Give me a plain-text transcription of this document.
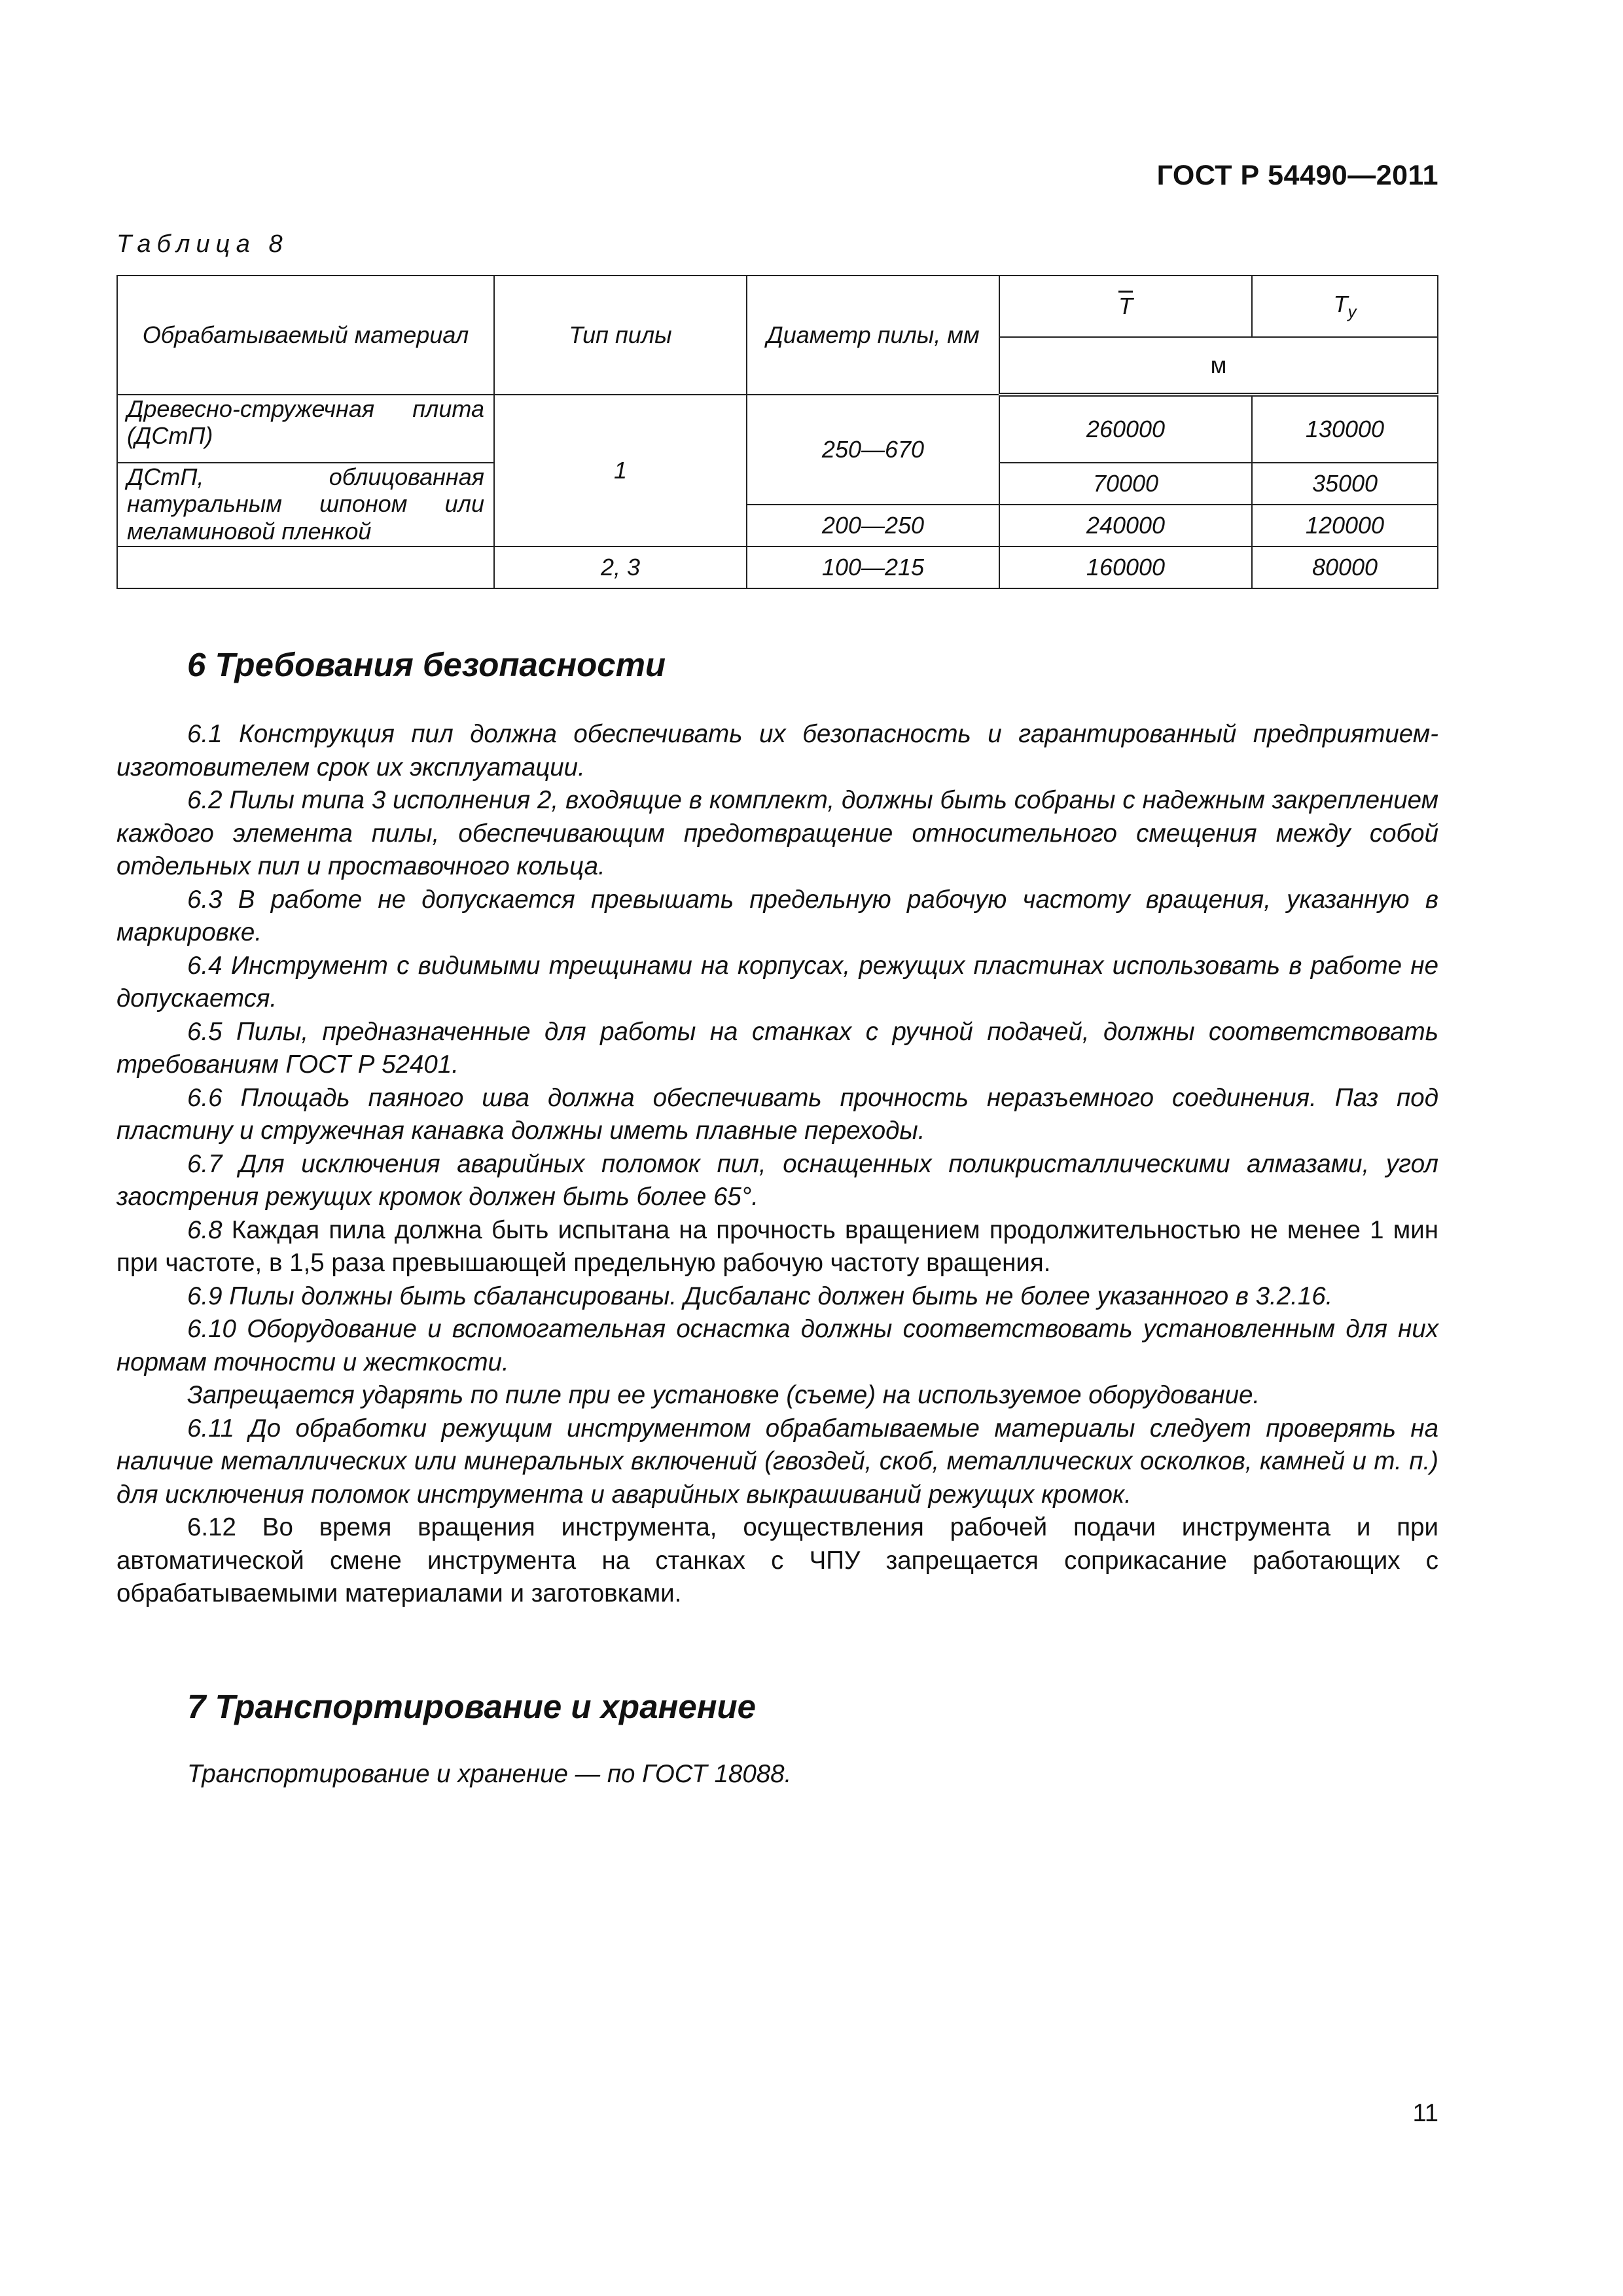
ГОСТ Р 54490—2011
Таблица 8
Обрабатываемый материал	Тип пилы	Диаметр пилы, мм	$\overline{T}$	$T_у$
			м	
Древесно-стружечная плита (ДСтП)	1	250—670	260000	130000
ДСтП, облицованная натуральным шпоном или меламиновой пленкой			70000	35000
		200—250	240000	120000
	2, 3	100—215	160000	80000
6 Требования безопасности

6.1 Конструкция пил должна обеспечивать их безопасность и гарантированный предприятием-изготовителем срок их эксплуатации.

6.2 Пилы типа 3 исполнения 2, входящие в комплект, должны быть собраны с надежным закреплением каждого элемента пилы, обеспечивающим предотвращение относительного смещения между собой отдельных пил и проставочного кольца.

6.3 В работе не допускается превышать предельную рабочую частоту вращения, указанную в маркировке.

6.4 Инструмент с видимыми трещинами на корпусах, режущих пластинах использовать в работе не допускается.

6.5 Пилы, предназначенные для работы на станках с ручной подачей, должны соответствовать требованиям ГОСТ Р 52401.

6.6 Площадь паяного шва должна обеспечивать прочность неразъемного соединения. Паз под пластину и стружечная канавка должны иметь плавные переходы.

6.7 Для исключения аварийных поломок пил, оснащенных поликристаллическими алмазами, угол заострения режущих кромок должен быть более 65°.

6.8 Каждая пила должна быть испытана на прочность вращением продолжительностью не менее 1 мин при частоте, в 1,5 раза превышающей предельную рабочую частоту вращения.

6.9 Пилы должны быть сбалансированы. Дисбаланс должен быть не более указанного в 3.2.16.

6.10 Оборудование и вспомогательная оснастка должны соответствовать установленным для них нормам точности и жесткости.

Запрещается ударять по пиле при ее установке (съеме) на используемое оборудование.

6.11 До обработки режущим инструментом обрабатываемые материалы следует проверять на наличие металлических или минеральных включений (гвоздей, скоб, металлических осколков, камней и т. п.) для исключения поломок инструмента и аварийных выкрашиваний режущих кромок.

6.12 Во время вращения инструмента, осуществления рабочей подачи инструмента и при автоматической смене инструмента на станках с ЧПУ запрещается соприкасание работающих с обрабатываемыми материалами и заготовками.

7 Транспортирование и хранение

Транспортирование и хранение — по ГОСТ 18088.

11
